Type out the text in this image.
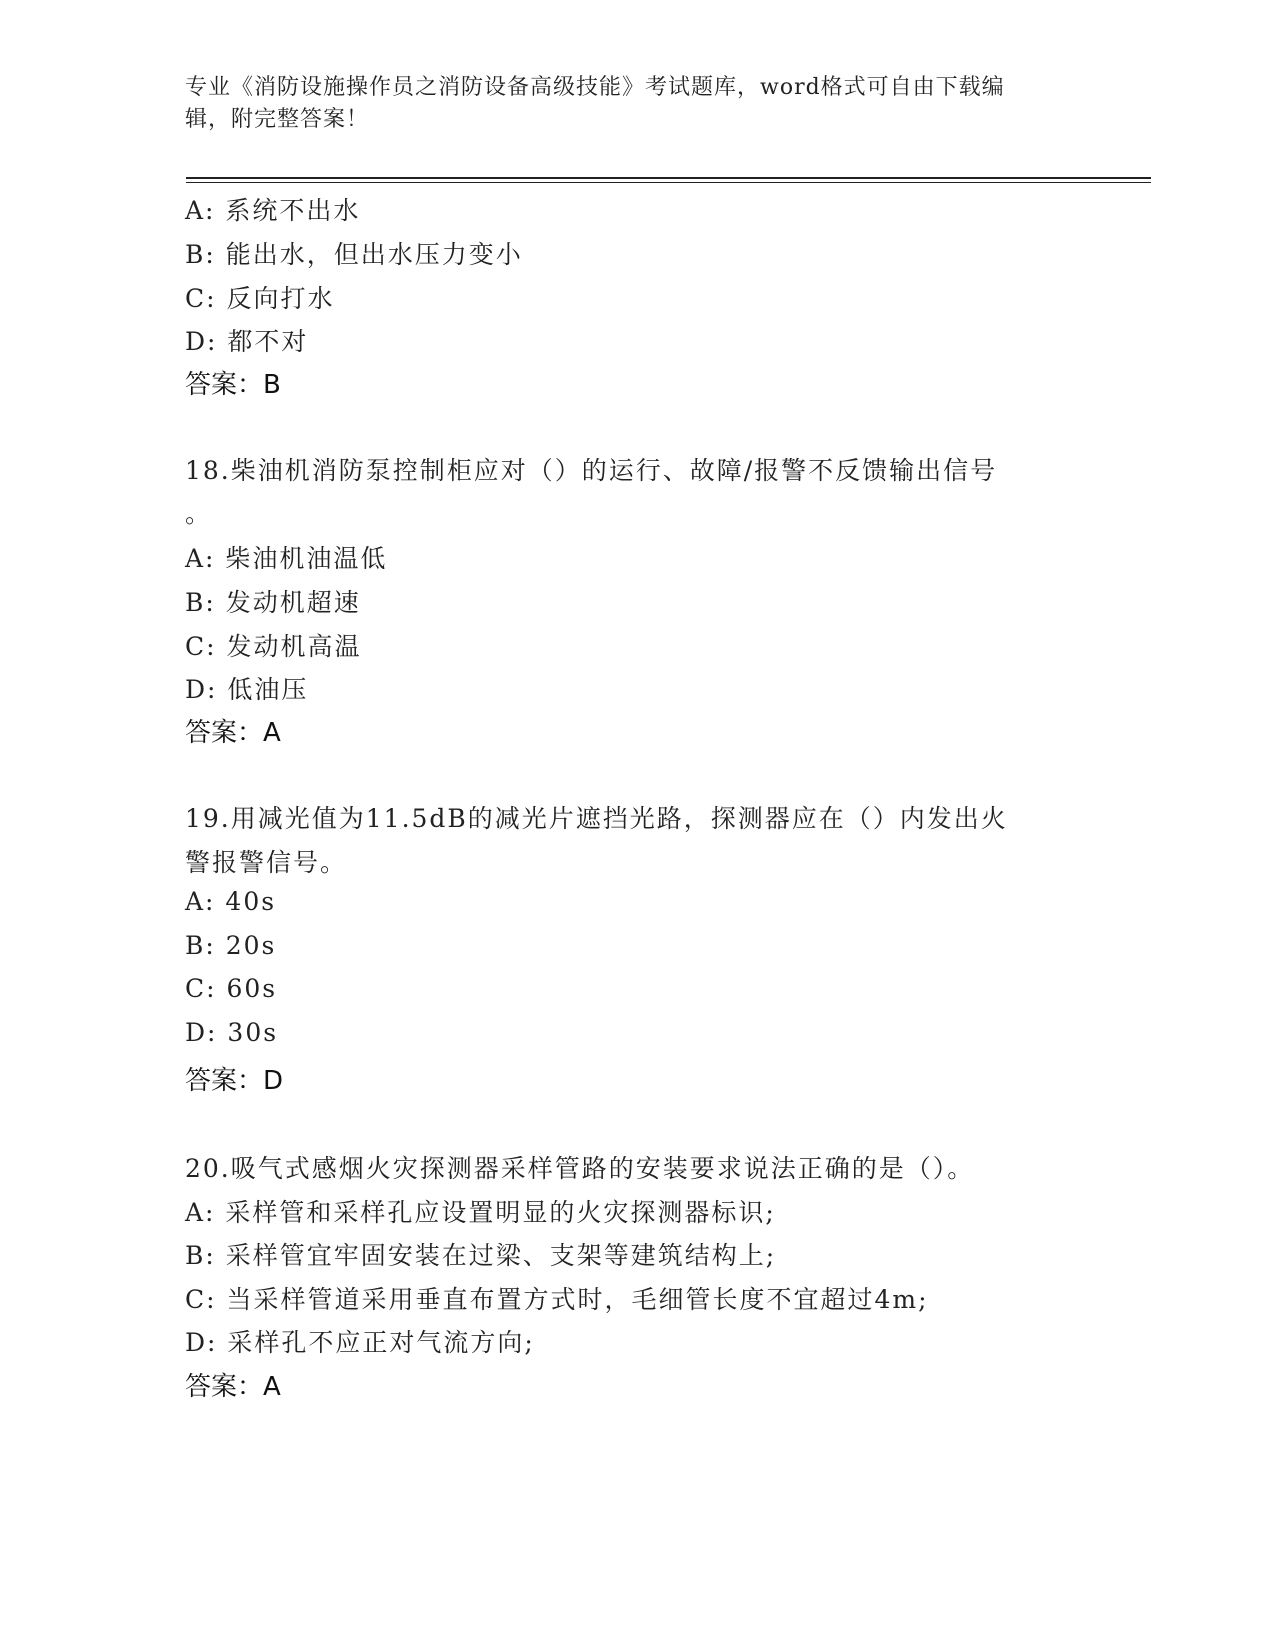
专业《消防设施操作员之消防设备高级技能》考试题库，word格式可自由下载编
辑，附完整答案！
A: 系统不出水
B: 能出水，但出水压力变小
C: 反向打水
D: 都不对
答案：B
18.柴油机消防泵控制柜应对（）的运行、故障/报警不反馈输出信号
。
A: 柴油机油温低
B: 发动机超速
C: 发动机高温
D: 低油压
答案：A
19.用减光值为11.5dB的减光片遮挡光路，探测器应在（）内发出火
警报警信号。
A: 40s
B: 20s
C: 60s
D: 30s
答案：D
20.吸气式感烟火灾探测器采样管路的安装要求说法正确的是（）。
A: 采样管和采样孔应设置明显的火灾探测器标识;
B: 采样管宜牢固安装在过梁、支架等建筑结构上;
C: 当采样管道采用垂直布置方式时，毛细管长度不宜超过4m;
D: 采样孔不应正对气流方向;
答案：A
